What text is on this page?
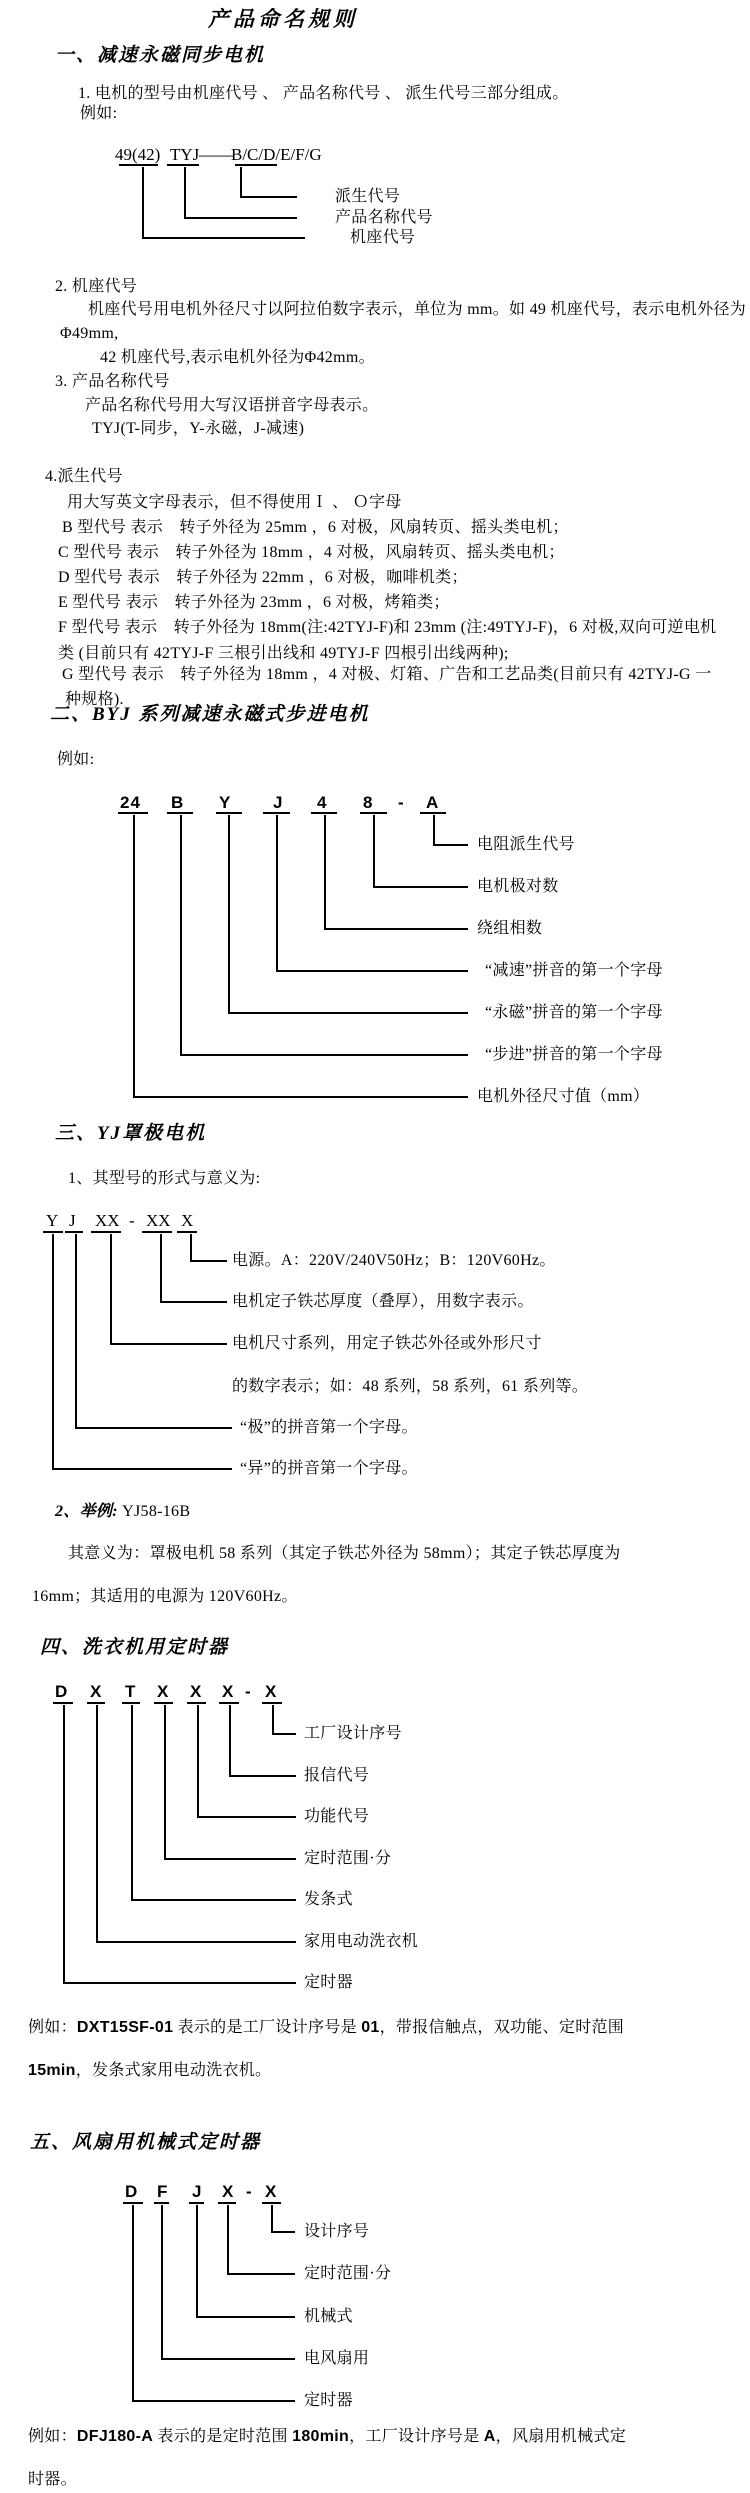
产品命名规则
一、减速永磁同步电机
1. 电机的型号由机座代号 、 产品名称代号 、 派生代号三部分组成。
例如:
2. 机座代号
机座代号用电机外径尺寸以阿拉伯数字表示，单位为 mm。如 49 机座代号，表示电机外径为
Φ49mm,
42 机座代号,表示电机外径为Φ42mm。
3. 产品名称代号
产品名称代号用大写汉语拼音字母表示。
TYJ(T-同步，Y-永磁，J-减速)
4.派生代号
用大写英文字母表示，但不得使用Ｉ 、 Ｏ字母
B 型代号 表示　转子外径为 25mm ，6 对极，风扇转页、摇头类电机；
C 型代号 表示　转子外径为 18mm ，4 对极，风扇转页、摇头类电机；
D 型代号 表示　转子外径为 22mm ，6 对极，咖啡机类；
E 型代号 表示　转子外径为 23mm ，6 对极，烤箱类；
F 型代号 表示　转子外径为 18mm(注:42TYJ-F)和 23mm (注:49TYJ-F)，6 对极,双向可逆电机
类 (目前只有 42TYJ-F 三根引出线和 49TYJ-F 四根引出线两种);
G 型代号 表示　转子外径为 18mm ，4 对极、灯箱、广告和工艺品类(目前只有 42TYJ-G 一
种规格).
二、BYJ 系列减速永磁式步进电机
例如:
三、YJ罩极电机
1、其型号的形式与意义为:
2、举例: YJ58-16B
其意义为：罩极电机 58 系列（其定子铁芯外径为 58mm）；其定子铁芯厚度为
16mm；其适用的电源为 120V60Hz。
四、洗衣机用定时器
例如：DXT15SF-01 表示的是工厂设计序号是 01，带报信触点，双功能、定时范围
15min，发条式家用电动洗衣机。
五、风扇用机械式定时器
例如：DFJ180-A 表示的是定时范围 180min，工厂设计序号是 A，风扇用机械式定
时器。
49(42) TYJ ——
B/C/D/E/F/G
派生代号
产品名称代号
机座代号
24 B Y J 4 8 - A
电阻派生代号
电机极对数
绕组相数
“减速”拼音的第一个字母
“永磁”拼音的第一个字母
“步进”拼音的第一个字母
电机外径尺寸值（mm）
Y J XX - XX X
电源。A：220V/240V50Hz；B：120V60Hz。
电机定子铁芯厚度（叠厚），用数字表示。
电机尺寸系列，用定子铁芯外径或外形尺寸
的数字表示；如：48 系列，58 系列，61 系列等。
“极”的拼音第一个字母。
“异”的拼音第一个字母。
D X T X X X - X
工厂设计序号
报信代号
功能代号
定时范围·分
发条式
家用电动洗衣机
定时器
D F J X - X
设计序号
定时范围·分
机械式
电风扇用
定时器
